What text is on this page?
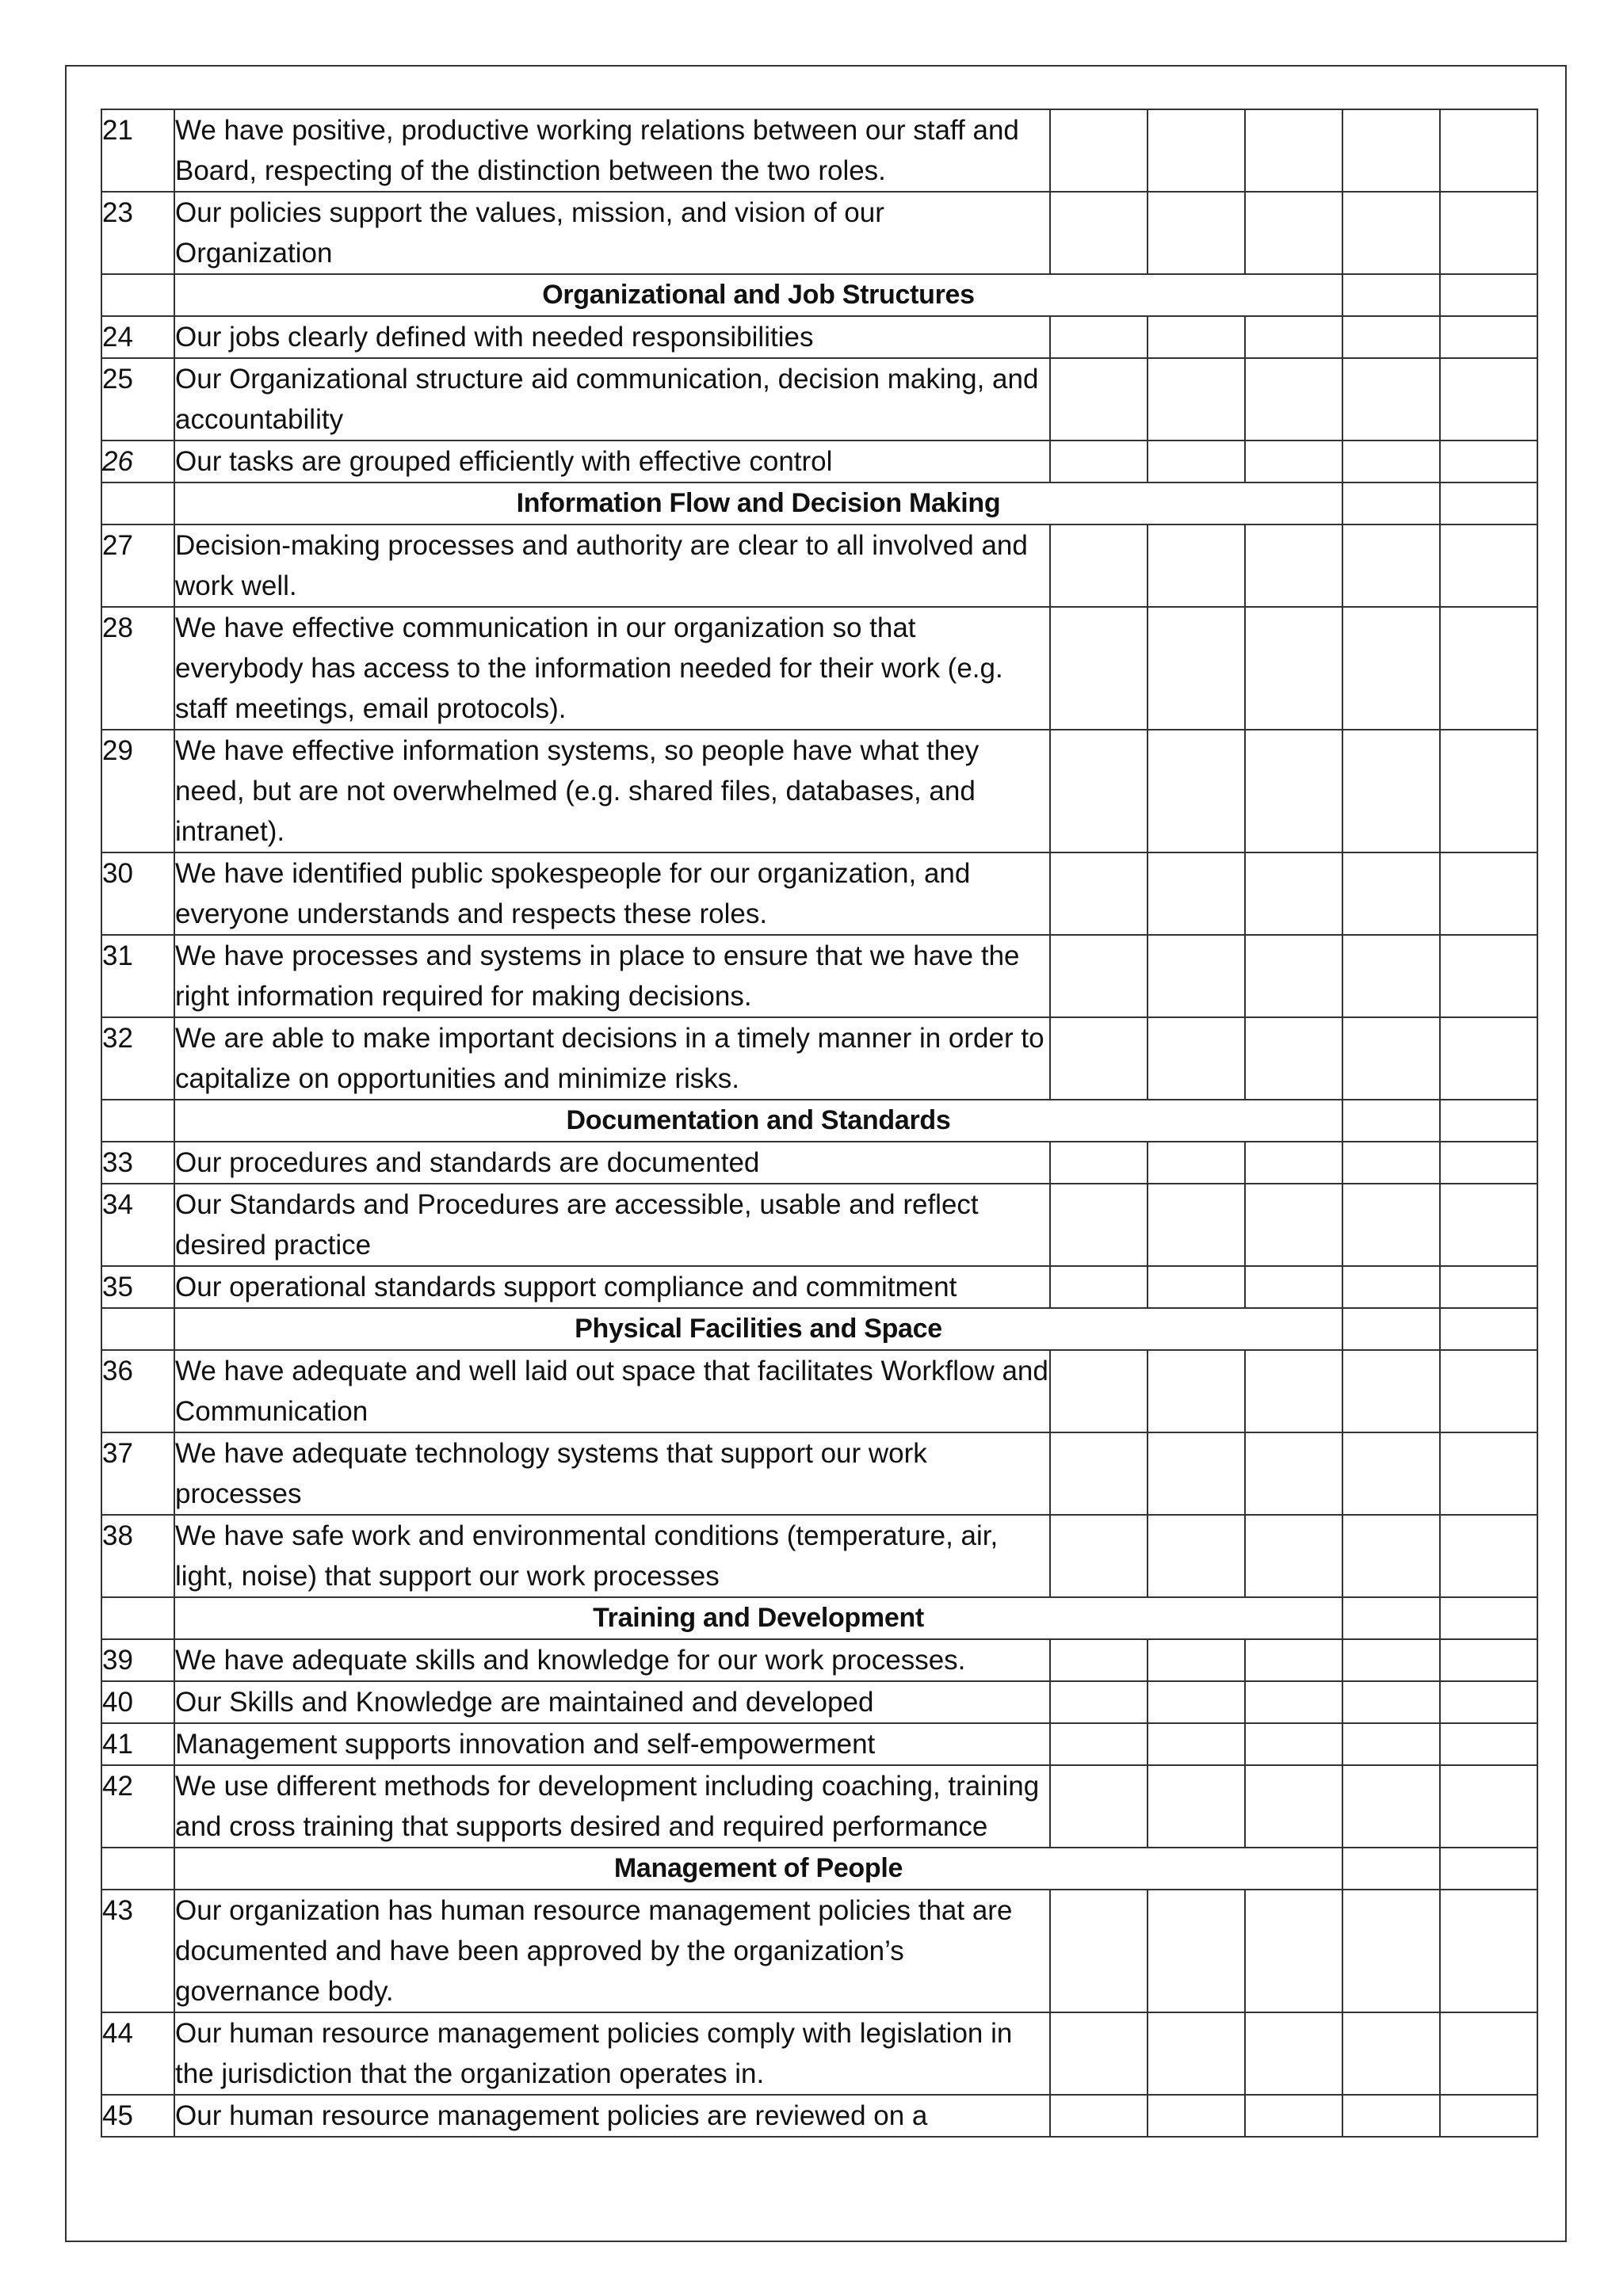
21	We have positive, productive working relations between our staff and Board, respecting of the distinction between the two roles.					
23	Our policies support the values, mission, and vision of our Organization					
	Organizational and Job Structures					
24	Our jobs clearly defined with needed responsibilities					
25	Our Organizational structure aid communication, decision making, and accountability					
26	Our tasks are grouped efficiently with effective control					
	Information Flow and Decision Making					
27	Decision-making processes and authority are clear to all involved and work well.					
28	We have effective communication in our organization so that everybody has access to the information needed for their work (e.g. staff meetings, email protocols).					
29	We have effective information systems, so people have what they need, but are not overwhelmed (e.g. shared files, databases, and intranet).					
30	We have identified public spokespeople for our organization, and everyone understands and respects these roles.					
31	We have processes and systems in place to ensure that we have the right information required for making decisions.					
32	We are able to make important decisions in a timely manner in order to capitalize on opportunities and minimize risks.					
	Documentation and Standards					
33	Our procedures and standards are documented					
34	Our Standards and Procedures are accessible, usable and reflect desired practice					
35	Our operational standards support compliance and commitment					
	Physical Facilities and Space					
36	We have adequate and well laid out space that facilitates Workflow and Communication					
37	We have adequate technology systems that support our work processes					
38	We have safe work and environmental conditions (temperature, air, light, noise) that support our work processes					
	Training and Development					
39	We have adequate skills and knowledge for our work processes.					
40	Our Skills and Knowledge are maintained and developed					
41	Management supports innovation and self-empowerment					
42	We use different methods for development including coaching, training and cross training that supports desired and required performance					
	Management of People					
43	Our organization has human resource management policies that are documented and have been approved by the organization’s governance body.					
44	Our human resource management policies comply with legislation in the jurisdiction that the organization operates in.					
45	Our human resource management policies are reviewed on a					
